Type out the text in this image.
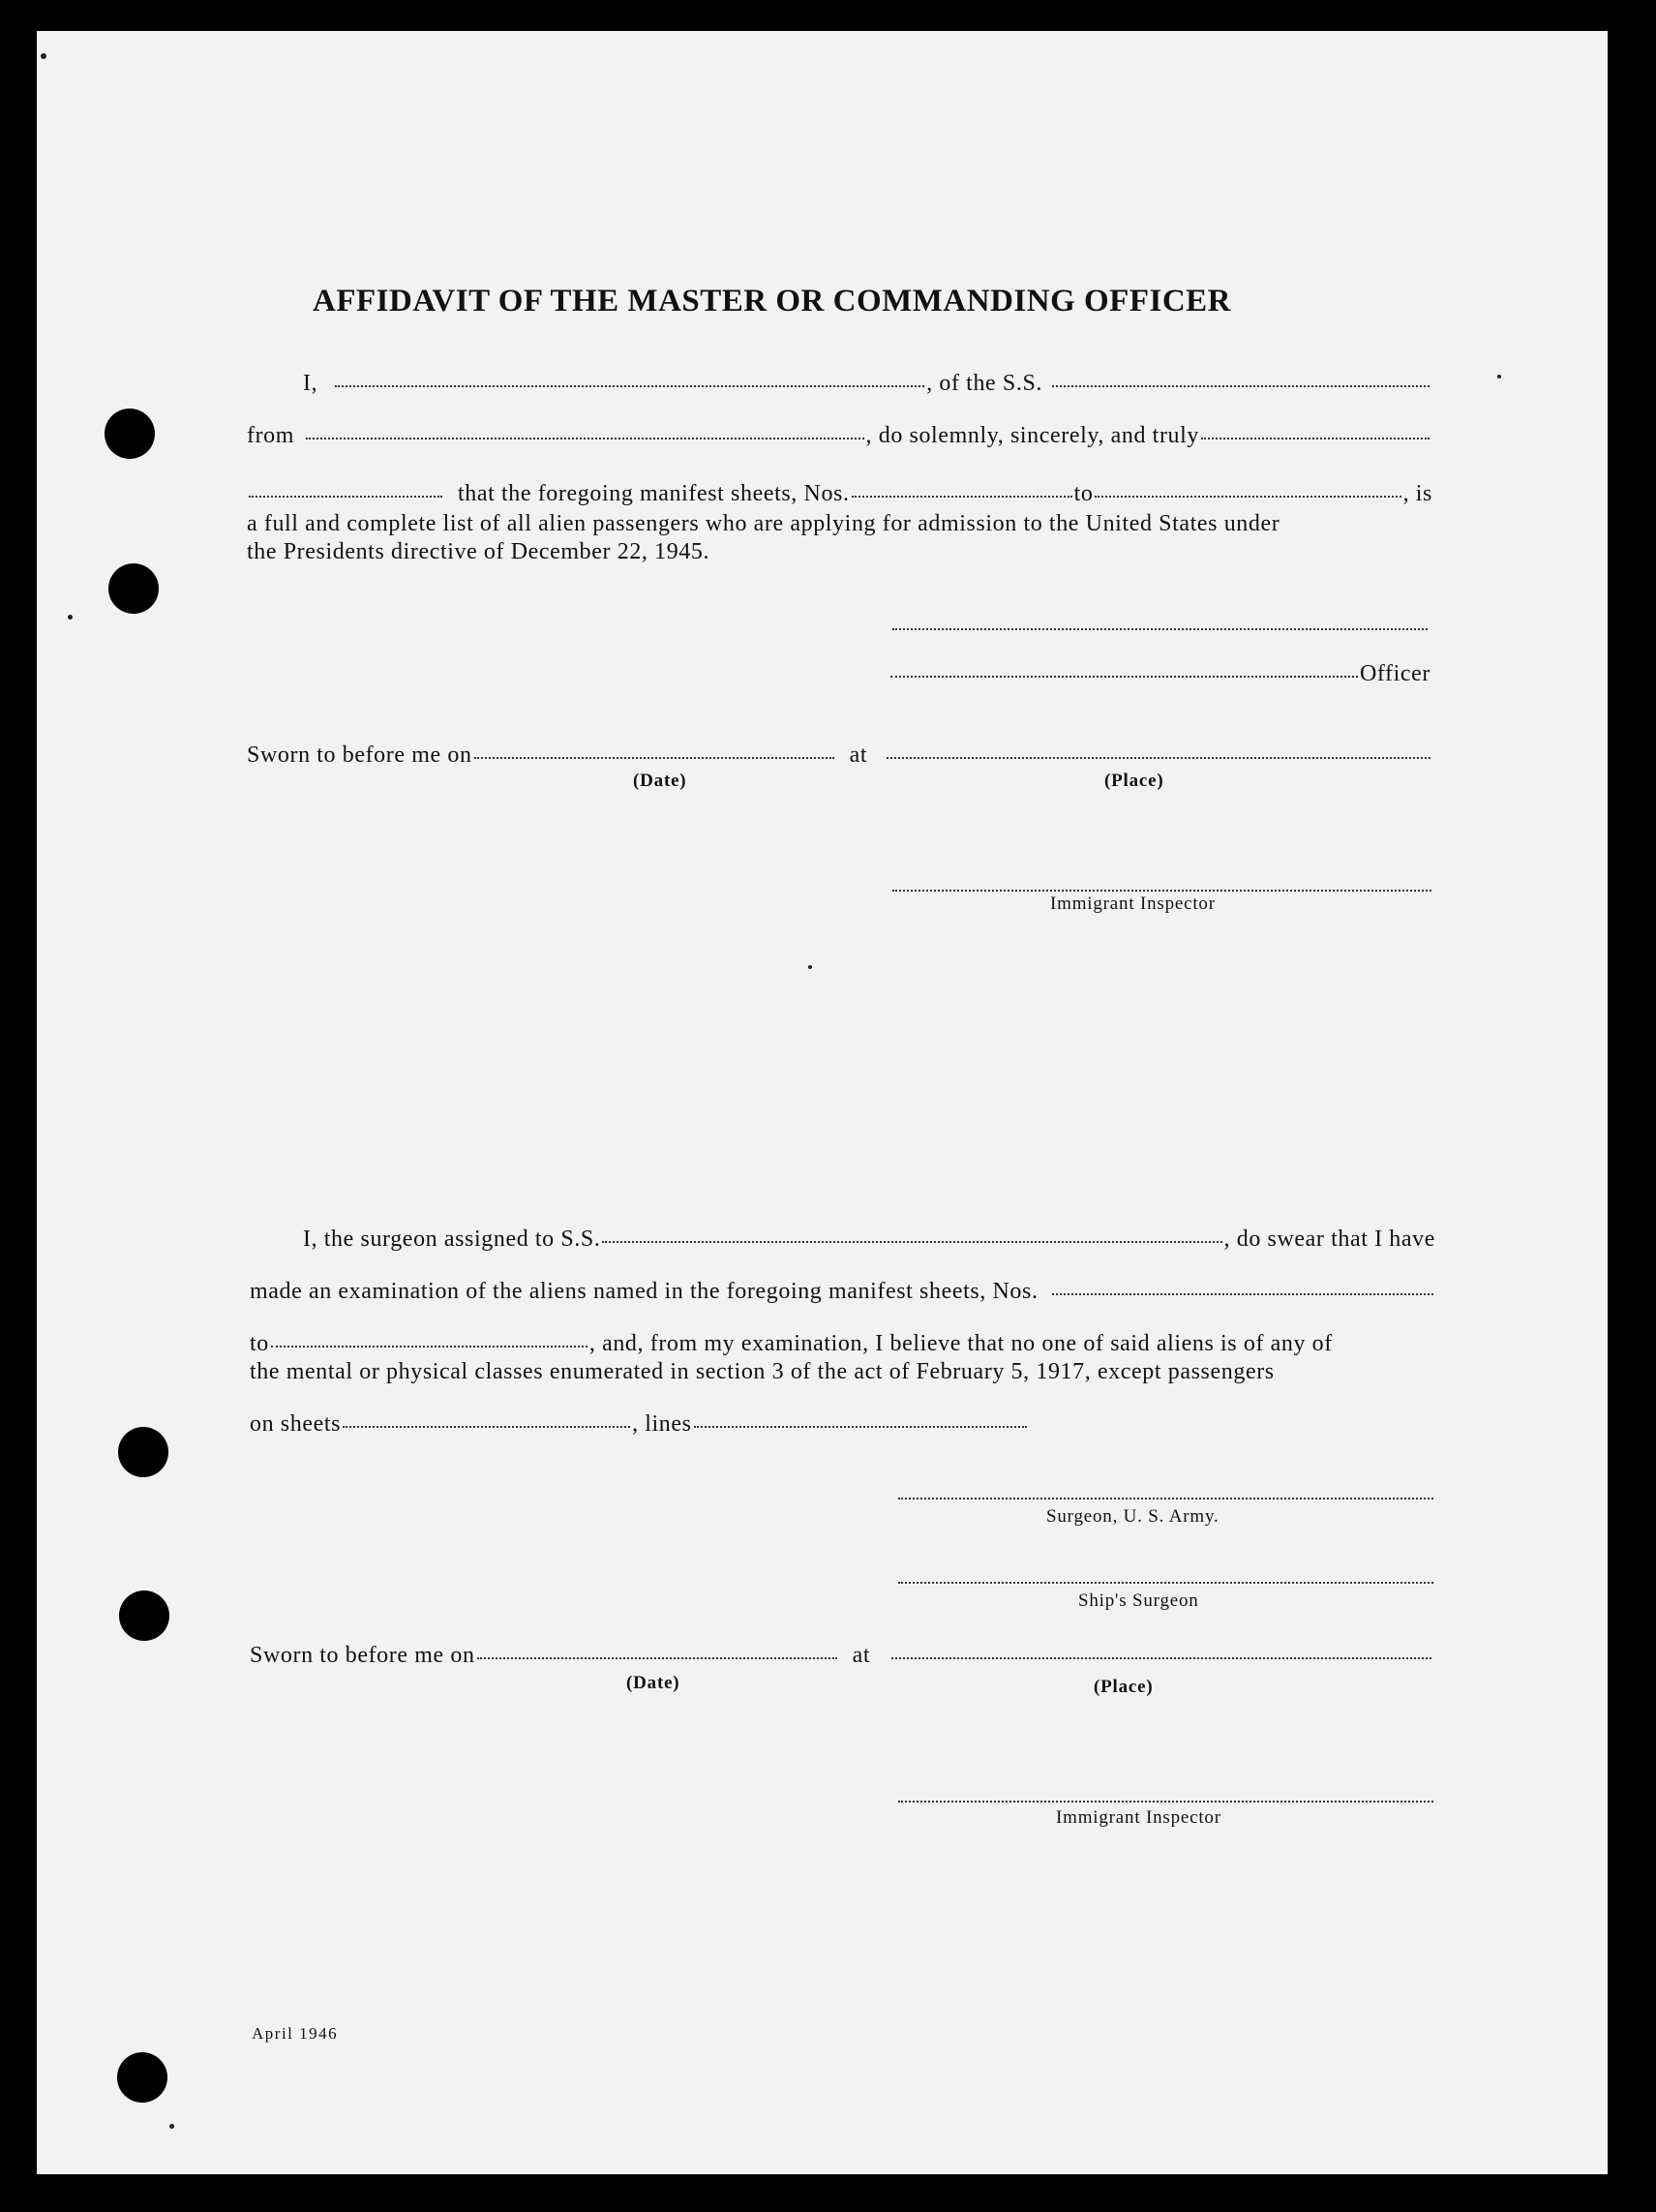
AFFIDAVIT OF THE MASTER OR COMMANDING OFFICER
I,	, of the S.S.
from	, do solemnly, sincerely, and truly
that the foregoing manifest sheets, Nos.	to	, is
a full and complete list of all alien passengers who are applying for admission to the United States under
the Presidents directive of December 22, 1945.
Officer
Sworn to before me on	at
(Date)	(Place)
Immigrant Inspector
I, the surgeon assigned to S.S.	, do swear that I have
made an examination of the aliens named in the foregoing manifest sheets, Nos.
to	, and, from my examination, I believe that no one of said aliens is of any of
the mental or physical classes enumerated in section 3 of the act of February 5, 1917, except passengers
on sheets	, lines
Surgeon, U. S. Army.
Ship's Surgeon
Sworn to before me on	at
(Date)	(Place)
Immigrant Inspector
April 1946
